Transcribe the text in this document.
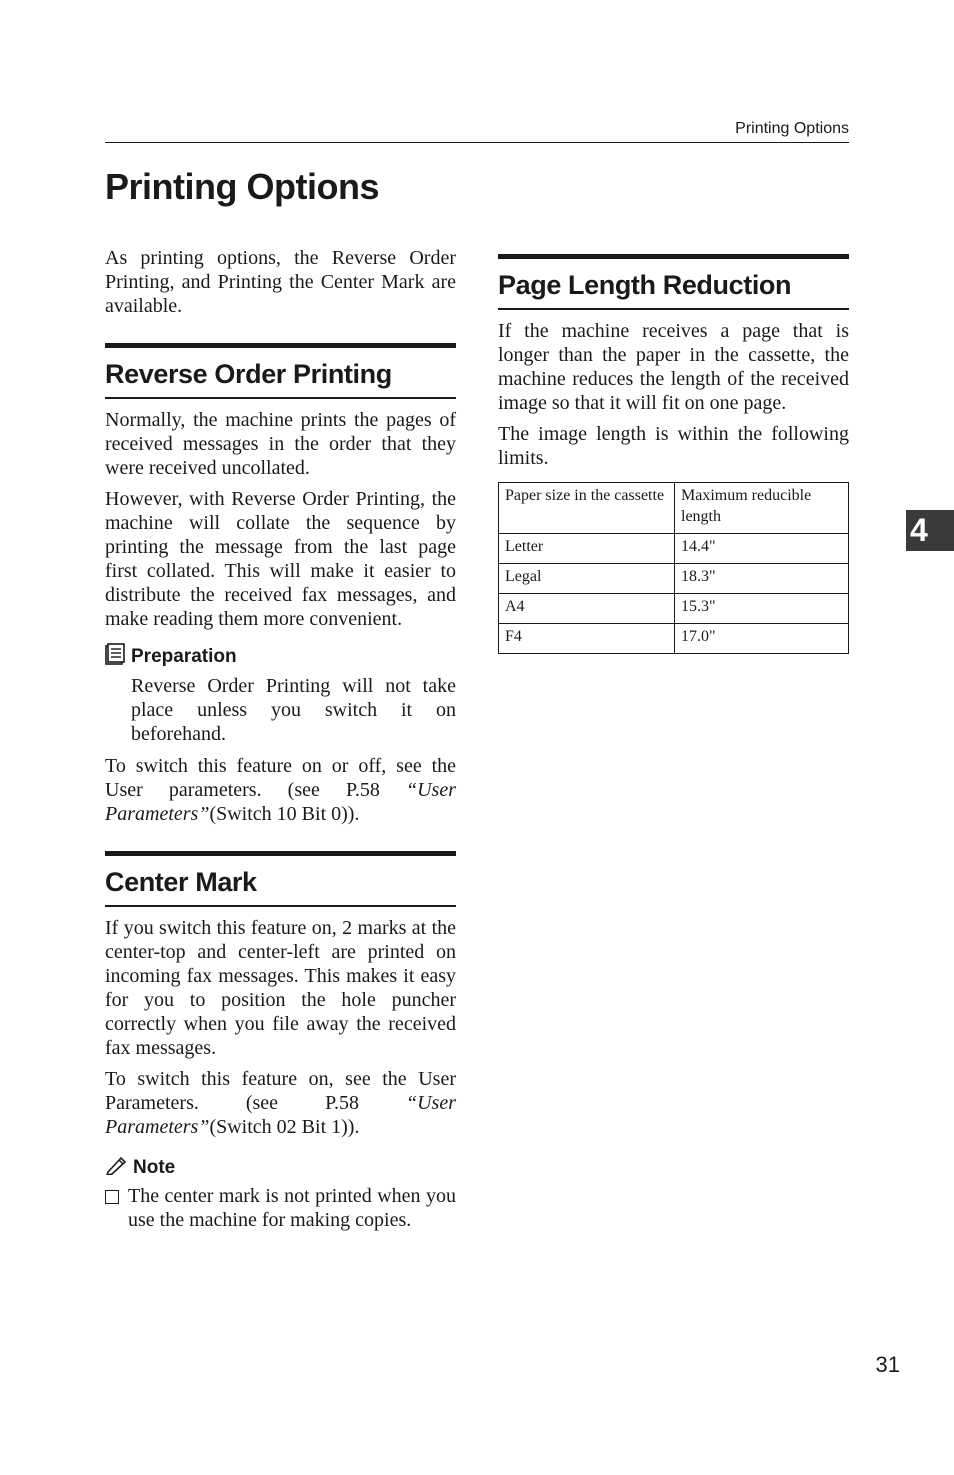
Printing Options
Printing Options

As printing options, the Reverse Order Printing, and Printing the Center Mark are available.

Reverse Order Printing

Normally, the machine prints the pages of received messages in the order that they were received uncollated.

However, with Reverse Order Printing, the machine will collate the sequence by printing the message from the last page first collated. This will make it easier to distribute the received fax messages, and make reading them more convenient.

Preparation

Reverse Order Printing will not take place unless you switch it on beforehand.

To switch this feature on or off, see the User parameters. (see P.58 “User Parameters”(Switch 10 Bit 0)).

Center Mark

If you switch this feature on, 2 marks at the center-top and center-left are printed on incoming fax messages. This makes it easy for you to position the hole puncher correctly when you file away the received fax messages.

To switch this feature on, see the User Parameters. (see P.58 “User Parameters”(Switch 02 Bit 1)).

Note

The center mark is not printed when you use the machine for making copies.

Page Length Reduction

If the machine receives a page that is longer than the paper in the cassette, the machine reduces the length of the received image so that it will fit on one page.

The image length is within the following limits.

Paper size in the cassette	Maximum reducible length
Letter	14.4"
Legal	18.3"
A4	15.3"
F4	17.0"
4
31
